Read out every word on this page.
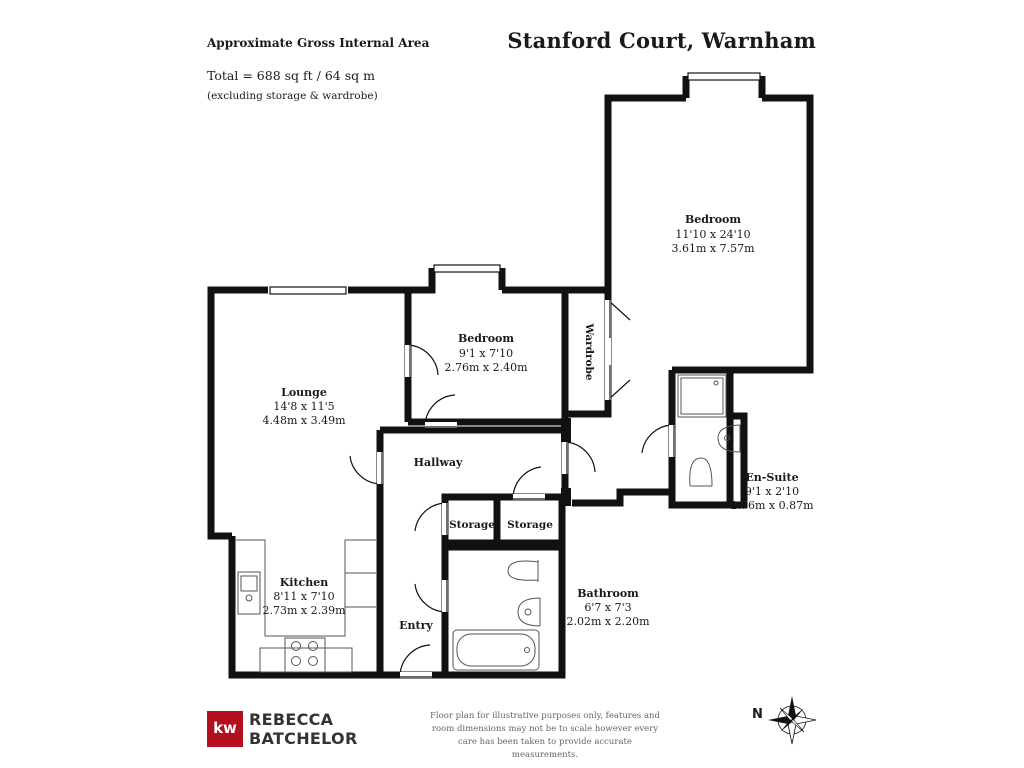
Approximate Gross Internal Area
Total = 688 sq ft / 64 sq m
(excluding storage & wardrobe)
Stanford Court, Warnham
Bedroom
11'10 x 24'10
3.61m x 7.57m
Bedroom
9'1 x 7'10
2.76m x 2.40m
Lounge
14'8 x 11'5
4.48m x 3.49m
Kitchen
8'11 x 7'10
2.73m x 2.39m
Bathroom
6'7 x 7'3
2.02m x 2.20m
En-Suite
9'1 x 2'10
2.76m x 0.87m
Hallway
Entry
Storage Storage
Wardrobe
N
kw REBECCA
BATCHELOR
Floor plan for illustrative purposes only, features and room dimensions may not be to scale however every care has been taken to provide accurate measurements.
